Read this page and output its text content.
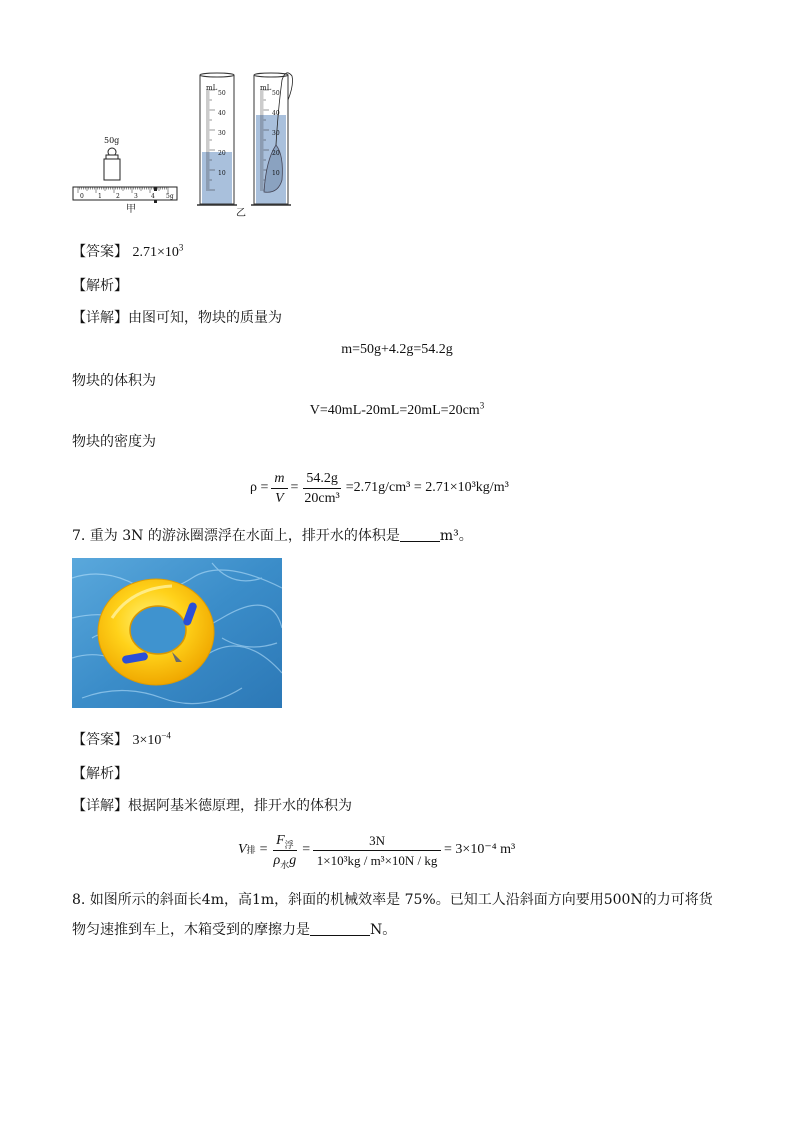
50g
0 1 2 3 4 5g
甲
mL	mL
50
40
30
20
10
50
40
30
20
10
乙
【答案】 $2.71\times 10^3$
【解析】
【详解】由图可知，物块的质量为
m=50g+4.2g=54.2g
物块的体积为
$V=40mL-20mL=20mL=20cm^3$
物块的密度为
$\rho = \frac{m}{V} = \frac{54.2g}{\text{20cm³}} =2.71g/cm^3 = 2.71\times 10^3kg/m^3$
7. 重为 3N 的游泳圈漂浮在水面上，排开水的体积是	m³。
【答案】 $3\times 10^{-4}$
【解析】
【详解】根据阿基米德原理，排开水的体积为
V 排 = $\frac{F_浮}{\rho_水g} = \frac{3N}{\text{1×10³kg / m³×10N / kg}} = 3\times 10^{-4}$ m³
8. 如图所示的斜面长4m，高1m，斜面的机械效率是 75%。已知工人沿斜面方向要用500N的力可将货
物匀速推到车上，木箱受到的摩擦力是	N。
